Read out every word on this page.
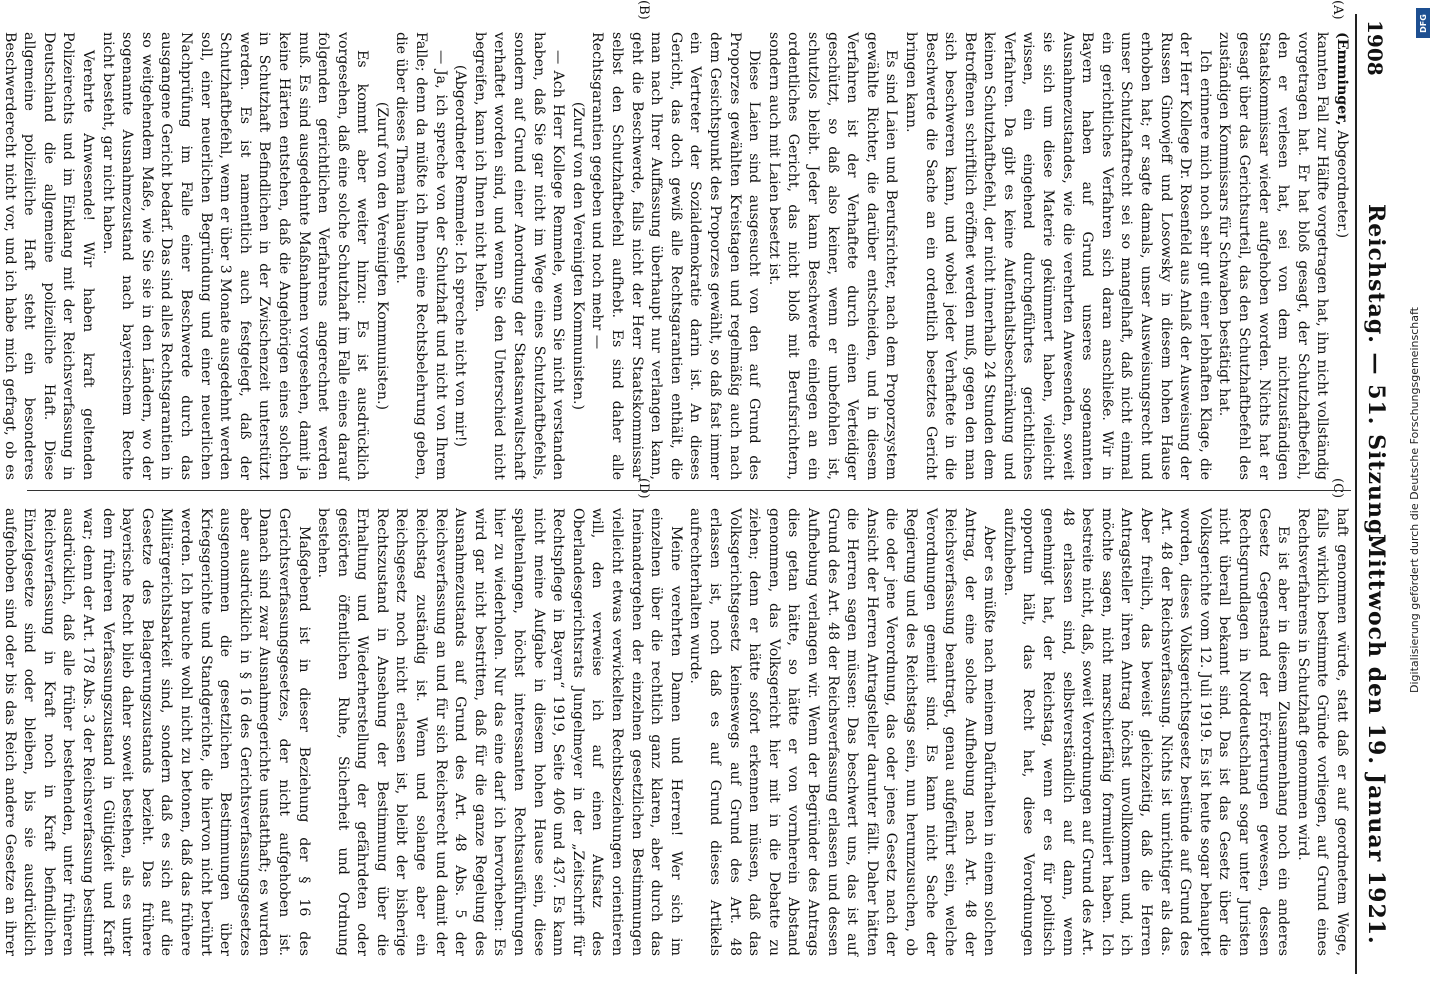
1908
Reichstag. — 51. Sitzung.
Mittwoch den 19. Januar 1921.
(A)
(B)
(C)
(D)

(Emminger, Abgeordneter.)

kannten Fall zur Hälfte vorgetragen hat, ihn nicht vollständig vorgetragen hat. Er hat bloß gesagt, der Schutzhaftbefehl, den er verlesen hat, sei von dem nichtzuständigen Staatskommissar wieder aufgehoben worden. Nichts hat er gesagt über das Gerichtsurteil, das den Schutzhaftbefehl des zuständigen Kommissars für Schwaben bestätigt hat.

Ich erinnere mich noch sehr gut einer lebhaften Klage, die der Herr Kollege Dr. Rosenfeld aus Anlaß der Ausweisung der Russen Ginowjeff und Losowsky in diesem hohen Hause erhoben hat; er sagte damals, unser Ausweisungsrecht und unser Schutzhaftrecht sei so mangelhaft, daß nicht einmal ein gerichtliches Verfahren sich daran anschließe. Wir in Bayern haben auf Grund unseres sogenannten Ausnahmezustandes, wie die verehrten Anwesenden, soweit sie sich um diese Materie gekümmert haben, vielleicht wissen, ein eingehend durchgeführtes gerichtliches Verfahren. Da gibt es keine Aufenthaltsbeschränkung und keinen Schutzhaftbefehl, der nicht innerhalb 24 Stunden dem Betroffenen schriftlich eröffnet werden muß, gegen den man sich beschweren kann, und wobei jeder Verhaftete in die Beschwerde die Sache an ein ordentlich besetztes Gericht bringen kann.

Es sind Laien und Berufsrichter, nach dem Proporzsystem gewählte Richter, die darüber entscheiden, und in diesem Verfahren ist der Verhaftete durch einen Verteidiger geschützt, so daß also keiner, wenn er unbefohlen ist, schutzlos bleibt. Jeder kann Beschwerde einlegen an ein ordentliches Gericht, das nicht bloß mit Berufsrichtern, sondern auch mit Laien besetzt ist.

Diese Laien sind ausgesucht von den auf Grund des Proporzes gewählten Kreistagen und regelmäßig auch nach dem Gesichtspunkt des Proporzes gewählt, so daß fast immer ein Vertreter der Sozialdemokratie darin ist. An dieses Gericht, das doch gewiß alle Rechtsgarantien enthält, die man nach Ihrer Auffassung überhaupt nur verlangen kann, geht die Beschwerde, falls nicht der Herr Staatskommissar selbst den Schutzhaftbefehl aufhebt. Es sind daher alle Rechtsgarantien gegeben und noch mehr —

(Zuruf von den Vereinigten Kommunisten.)

— Ach Herr Kollege Remmele, wenn Sie nicht verstanden haben, daß Sie gar nicht im Wege eines Schutzhaftbefehls, sondern auf Grund einer Anordnung der Staatsanwaltschaft verhaftet worden sind, und wenn Sie den Unterschied nicht begreifen, kann ich Ihnen nicht helfen.

(Abgeordneter Remmele: Ich spreche nicht von mir!)

— Ja, ich spreche von der Schutzhaft und nicht von Ihrem Falle; denn da müßte ich Ihnen eine Rechtsbelehrung geben, die über dieses Thema hinausgeht.

(Zuruf von den Vereinigten Kommunisten.)

Es kommt aber weiter hinzu: Es ist ausdrücklich vorgesehen, daß eine solche Schutzhaft im Falle eines darauf folgenden gerichtlichen Verfahrens angerechnet werden muß. Es sind ausgedehnte Maßnahmen vorgesehen, damit ja keine Härten entstehen, daß die Angehörigen eines solchen in Schutzhaft Befindlichen in der Zwischenzeit unterstützt werden. Es ist namentlich auch festgelegt, daß der Schutzhaftbefehl, wenn er über 3 Monate ausgedehnt werden soll, einer neuerlichen Begründung und einer neuerlichen Nachprüfung im Falle einer Beschwerde durch das ausgangene Gericht bedarf. Das sind alles Rechtsgarantien in so weitgehendem Maße, wie Sie sie in den Ländern, wo der sogenannte Ausnahmezustand nach bayerischem Rechte nicht besteht, gar nicht haben.

Verehrte Anwesende! Wir haben kraft geltenden Polizeirechts und im Einklang mit der Reichsverfassung in Deutschland die allgemeine polizeiliche Haft. Diese allgemeine polizeiliche Haft steht ein besonderes Beschwerderecht nicht vor, und ich habe mich gefragt, ob es

haft genommen würde, statt daß er auf geordnetem Wege, falls wirklich bestimmte Gründe vorliegen, auf Grund eines Rechtsverfahrens in Schutzhaft genommen wird.

Es ist aber in diesem Zusammenhang noch ein anderes Gesetz Gegenstand der Erörterungen gewesen, dessen Rechtsgrundlagen in Norddeutschland sogar unter Juristen nicht überall bekannt sind. Das ist das Gesetz über die Volksgerichte vom 12. Juli 1919. Es ist heute sogar behauptet worden, dieses Volksgerichtsgesetz bestünde auf Grund des Art. 48 der Reichsverfassung. Nichts ist unrichtiger als das. Aber freilich, das beweist gleichzeitig, daß die Herren Antragsteller ihren Antrag höchst unvollkommen und, ich möchte sagen, nicht marschierfähig formuliert haben. Ich bestreite nicht, daß, soweit Verordnungen auf Grund des Art. 48 erlassen sind, selbstverständlich auf dann, wenn genehmigt hat, der Reichstag, wenn er es für politisch opportun hält, das Recht hat, diese Verordnungen aufzuheben.

Aber es müßte nach meinem Dafürhalten in einem solchen Antrag, der eine solche Aufhebung nach Art. 48 der Reichsverfassung beantragt, genau aufgeführt sein, welche Verordnungen gemeint sind. Es kann nicht Sache der Regierung und des Reichstags sein, nun herumzusuchen, ob die oder jene Verordnung, das oder jenes Gesetz nach der Ansicht der Herren Antragsteller darunter fällt. Daher hätten die Herren sagen müssen: Das beschwert uns, das ist auf Grund des Art. 48 der Reichsverfassung erlassen und dessen Aufhebung verlangen wir. Wenn der Begründer des Antrags dies getan hätte, so hätte er von vornherein Abstand genommen, das Volksgericht hier mit in die Debatte zu ziehen; denn er hätte sofort erkennen müssen, daß das Volksgerichtsgesetz keineswegs auf Grund des Art. 48 erlassen ist, noch daß es auf Grund dieses Artikels aufrechterhalten wurde.

Meine verehrten Damen und Herren! Wer sich im einzelnen über die rechtlich ganz klaren, aber durch das Ineinandergehen der einzelnen gesetzlichen Bestimmungen vielleicht etwas verwickelten Rechtsbeziehungen orientieren will, den verweise ich auf einen Aufsatz des Oberlandesgerichtsrats Jungelmeyer in der „Zeitschrift für Rechtspflege in Bayern“ 1919, Seite 406 und 437. Es kann nicht meine Aufgabe in diesem hohen Hause sein, diese spaltenlangen, höchst interessanten Rechtsausführungen hier zu wiederholen. Nur das eine darf ich hervorheben: Es wird gar nicht bestritten, daß für die ganze Regelung des Ausnahmezustands auf Grund des Art. 48 Abs. 5 der Reichsverfassung an und für sich Reichsrecht und damit der Reichstag zuständig ist. Wenn und solange aber ein Reichsgesetz noch nicht erlassen ist, bleibt der bisherige Rechtszustand in Ansehung der Bestimmung über die Erhaltung und Wiederherstellung der gefährdeten oder gestörten öffentlichen Ruhe, Sicherheit und Ordnung bestehen.

Maßgebend ist in dieser Beziehung der § 16 des Gerichtsverfassungsgesetzes, der nicht aufgehoben ist. Danach sind zwar Ausnahmegerichte unstatthaft; es wurden aber ausdrücklich in § 16 des Gerichtsverfassungsgesetzes ausgenommen die gesetzlichen Bestimmungen über Kriegsgerichte und Standgerichte, die hiervon nicht berührt werden. Ich brauche wohl nicht zu betonen, daß das frühere Militärgerichtsbarkeit sind, sondern daß es sich auf die Gesetze des Belagerungszustands bezieht. Das frühere bayerische Recht blieb daher soweit bestehen, als es unter dem früheren Verfassungszustand in Gültigkeit und Kraft war; denn der Art. 178 Abs. 3 der Reichsverfassung bestimmt ausdrücklich, daß alle früher bestehenden, unter früheren Reichsverfassung in Kraft noch in Kraft befindlichen Einzelgesetze sind oder bleiben, bis sie ausdrücklich aufgehoben sind oder bis das Reich andere Gesetze an ihrer

DFG
Digitalisierung gefördert durch die Deutsche Forschungsgemeinschaft
